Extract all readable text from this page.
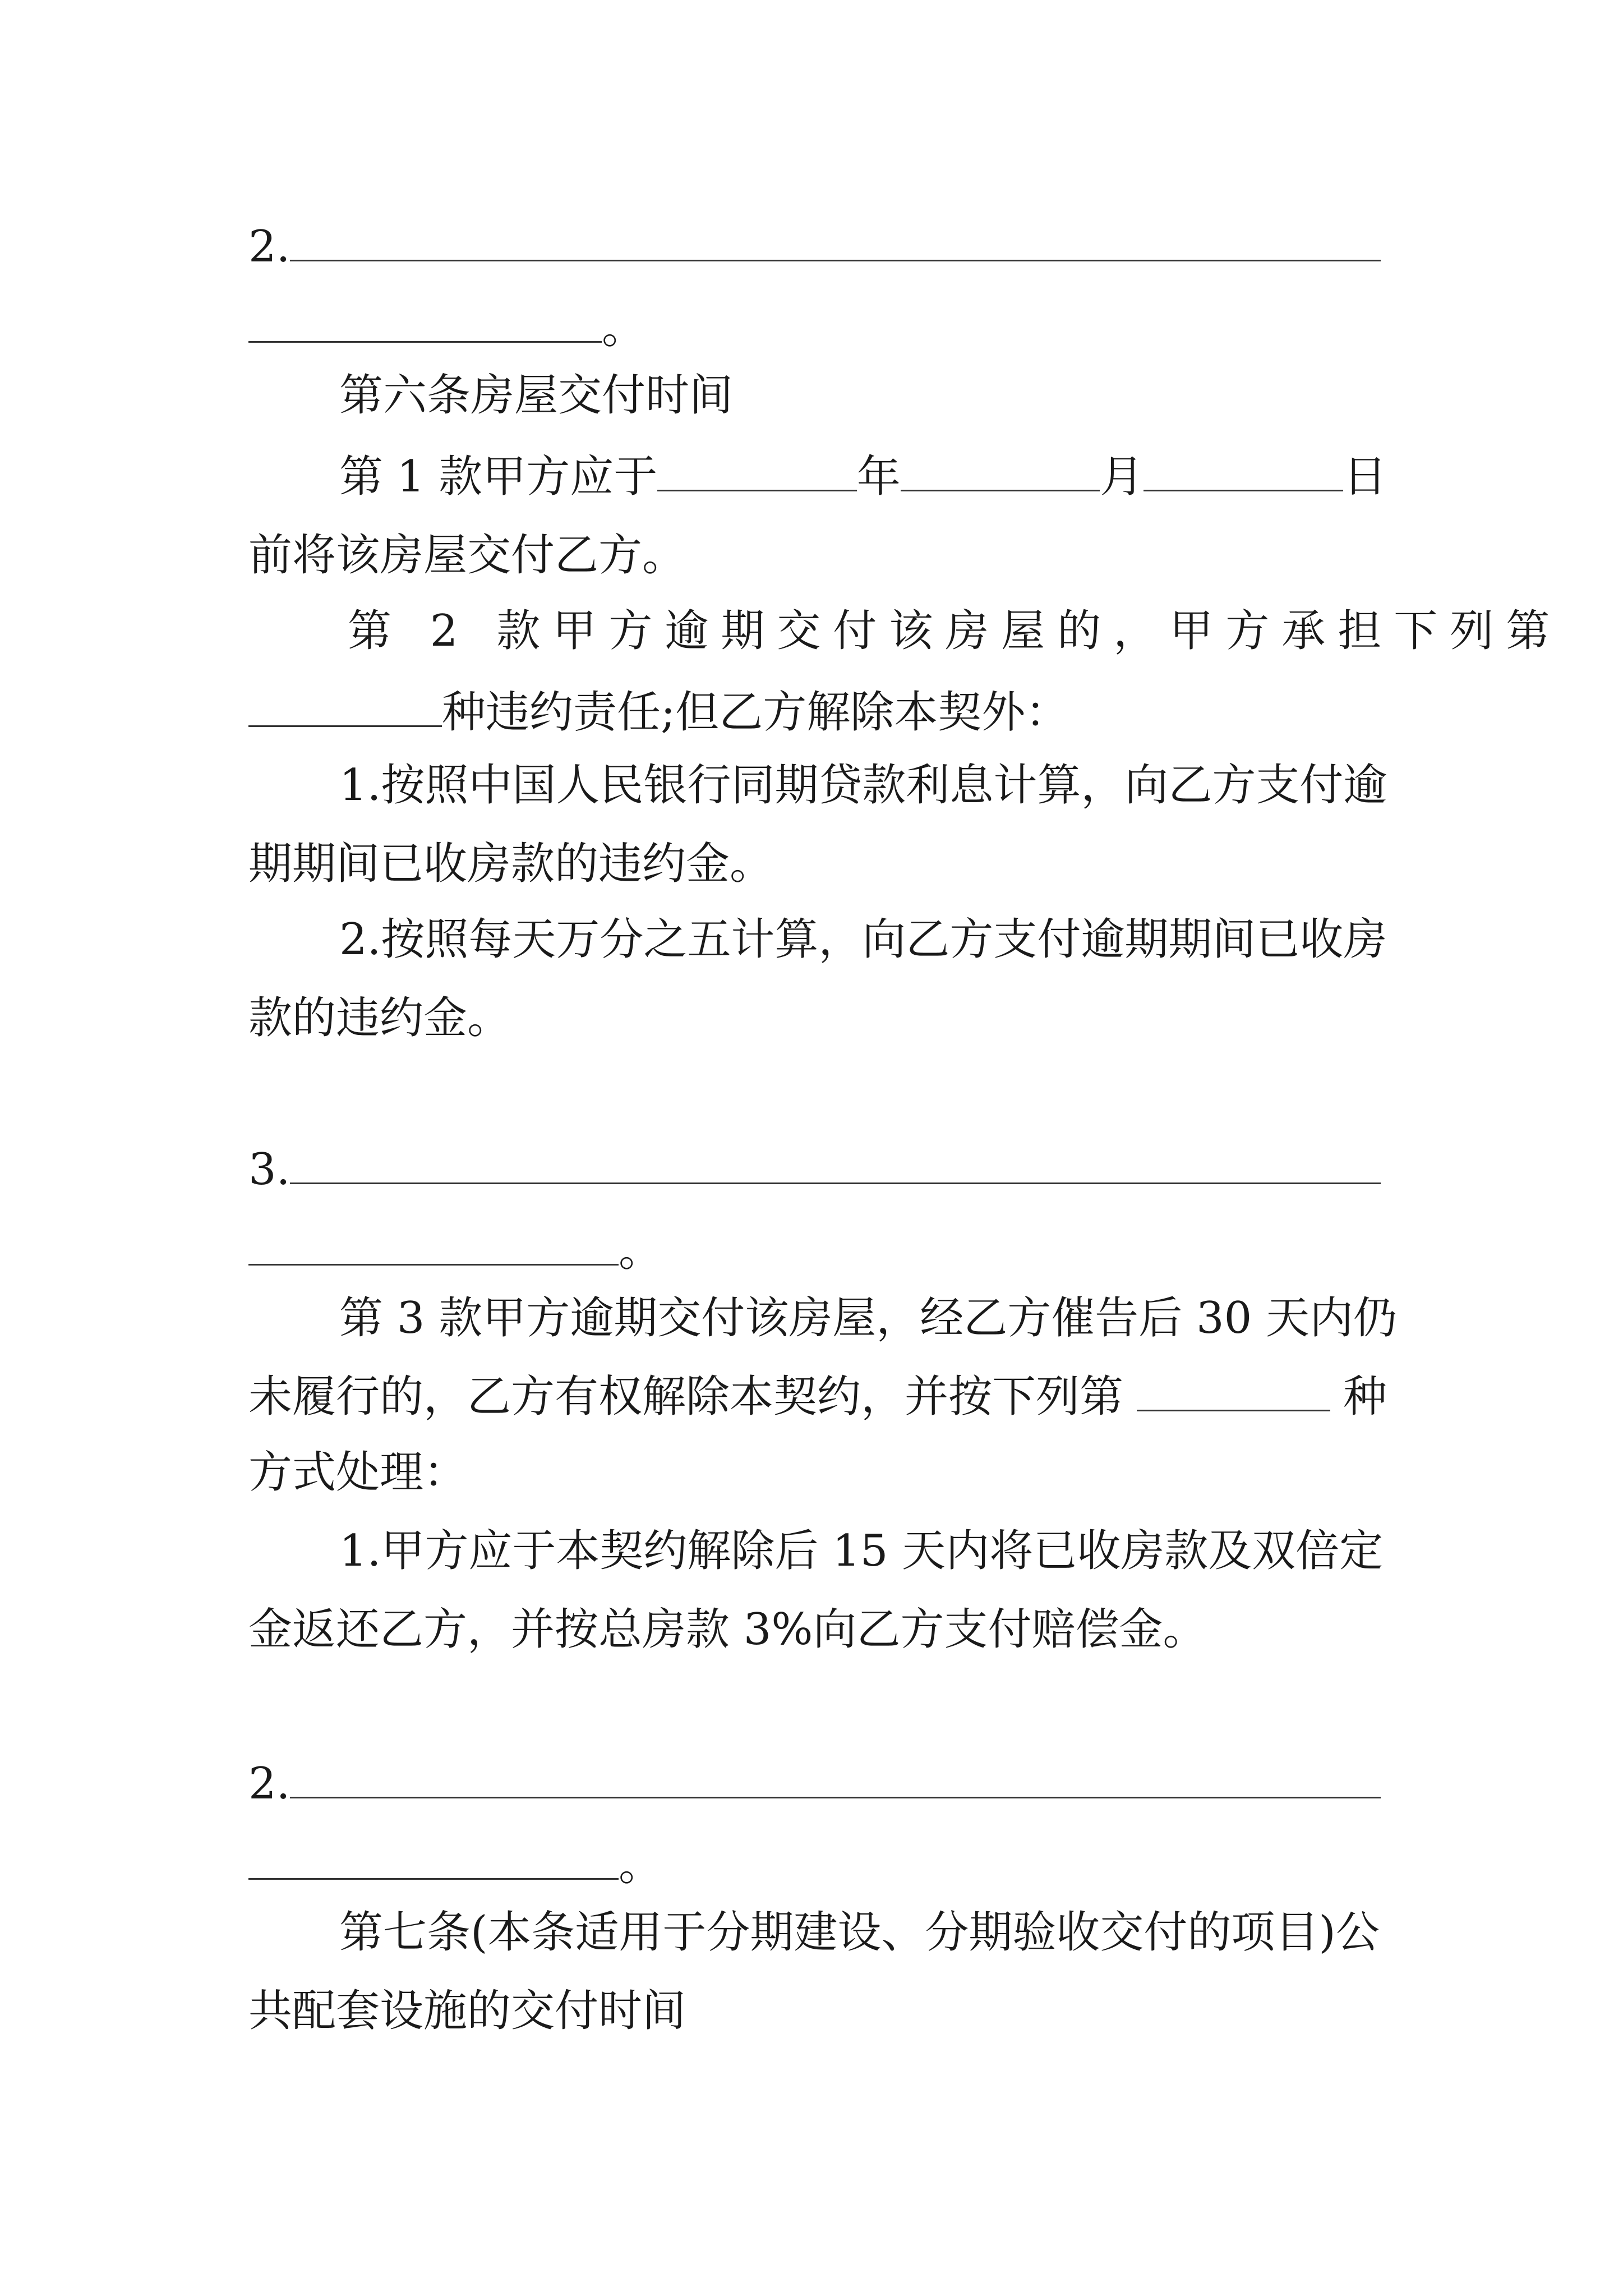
2.
。
第六条房屋交付时间
第 1 款甲方应于	年	月	日
前将该房屋交付乙方。
第 2 款甲方逾期交付该房屋的，甲方承担下列第
种违约责任;但乙方解除本契外：
1.按照中国人民银行同期贷款利息计算，向乙方支付逾
期期间已收房款的违约金。
2.按照每天万分之五计算，向乙方支付逾期期间已收房
款的违约金。
3.
。
第 3 款甲方逾期交付该房屋，经乙方催告后 30 天内仍
未履行的，乙方有权解除本契约，并按下列第	种
方式处理：
1.甲方应于本契约解除后 15 天内将已收房款及双倍定
金返还乙方，并按总房款 3%向乙方支付赔偿金。
2.
。
第七条(本条适用于分期建设、分期验收交付的项目)公
共配套设施的交付时间
